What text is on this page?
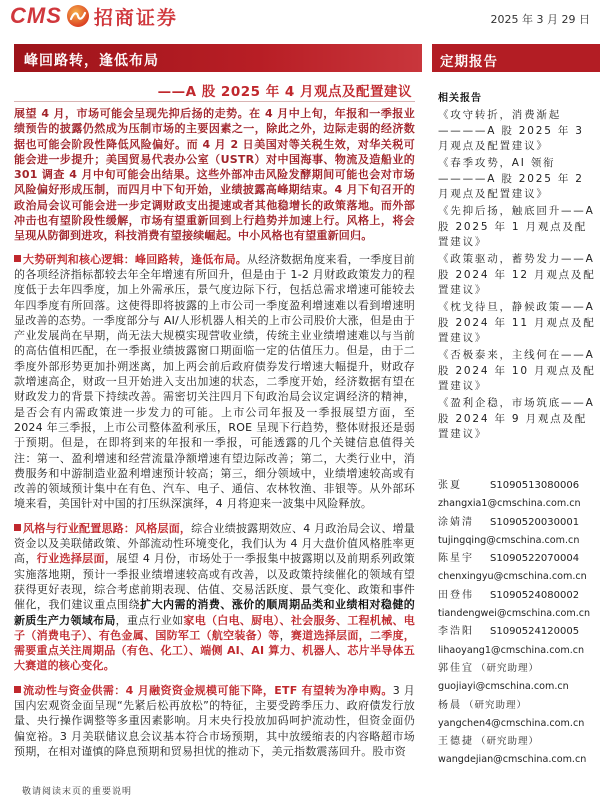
CMS 招商证券	2025 年 3 月 29 日
峰回路转，逢低布局	定期报告
——A 股 2025 年 4 月观点及配置建议

展望 4 月，市场可能会呈现先抑后扬的走势。在 4 月中上旬，年报和一季报业绩预告的披露仍然成为压制市场的主要因素之一，除此之外，边际走弱的经济数据也可能会阶段性降低风险偏好。而 4 月 2 日美国对等关税生效，对华关税可能会进一步提升；美国贸易代表办公室（USTR）对中国海事、物流及造船业的 301 调查 4 月中旬可能会出结果。这些外部冲击风险发酵期间可能也会对市场风险偏好形成压制，而四月中下旬开始，业绩披露高峰期结束。4 月下旬召开的政治局会议可能会进一步定调财政支出提速或者其他稳增长的政策落地。而外部冲击也有望阶段性缓解，市场有望重新回到上行趋势并加速上行。风格上，将会呈现从防御到进攻，科技消费有望接续崛起。中小风格也有望重新回归。

大势研判和核心逻辑：峰回路转，逢低布局。从经济数据角度来看，一季度目前的各项经济指标都较去年全年增速有所回升，但是由于 1-2 月财政政策发力的程度低于去年四季度，加上外需承压，景气度边际下行，包括总需求增速可能较去年四季度有所回落。这使得即将披露的上市公司一季度盈利增速难以看到增速明显改善的态势。一季度部分与 AI/人形机器人相关的上市公司股价大涨，但是由于产业发展尚在早期，尚无法大规模实现营收业绩，传统主业业绩增速难以与当前的高估值相匹配，在一季报业绩披露窗口期面临一定的估值压力。但是，由于二季度外部形势更加扑朔迷离，加上两会前后政府债券发行增速大幅提升，财政存款增速高企，财政一旦开始进入支出加速的状态，二季度开始，经济数据有望在财政发力的背景下持续改善。需密切关注四月下旬政治局会议定调经济的精神，是否会有内需政策进一步发力的可能。上市公司年报及一季报展望方面，至 2024 年三季报，上市公司整体盈利承压，ROE 呈现下行趋势，整体财报还是弱于预期。但是，在即将到来的年报和一季报，可能透露的几个关键信息值得关注：第一、盈利增速和经营流量净额增速有望边际改善；第二，大类行业中，消费服务和中游制造业盈利增速预计较高；第三，细分领域中，业绩增速较高或有改善的领域预计集中在有色、汽车、电子、通信、农林牧渔、非银等。从外部环境来看，美国针对中国的打压纵深演绎，4 月将迎来一波集中风险释放。

风格与行业配置思路：风格层面，综合业绩披露期效应、4 月政治局会议、增量资金以及美联储政策、外部流动性环境变化，我们认为 4 月大盘价值风格胜率更高，行业选择层面，展望 4 月份，市场处于一季报集中披露期以及前期系列政策实施落地期，预计一季报业绩增速较高或有改善，以及政策持续催化的领域有望获得更好表现，综合考虑前期表现、估值、交易活跃度、景气变化、政策和事件催化，我们建议重点围绕扩大内需的消费、涨价的顺周期品类和业绩相对稳健的新质生产力领域布局，重点行业如家电（白电、厨电）、社会服务、工程机械、电子（消费电子）、有色金属、国防军工（航空装备）等，赛道选择层面，二季度，需要重点关注周期品（有色、化工）、端侧 AI、AI 算力、机器人、芯片半导体五大赛道的核心变化。

流动性与资金供需：4 月融资资金规模可能下降，ETF 有望转为净申购。3 月国内宏观资金面呈现“先紧后松再放松”的特征，主要受跨季压力、政府债发行放量、央行操作调整等多重因素影响。月末央行投放加码呵护流动性，但资金面仍偏宽裕。3 月美联储议息会议基本符合市场预期，其中放缓缩表的内容略超市场预期，在相对谨慎的降息预期和贸易担忧的推动下，美元指数震荡回升。股市资

相关报告
《攻守转折，消费渐起————A 股 2025 年 3 月观点及配置建议》
《春季攻势，AI 领衔————A 股 2025 年 2 月观点及配置建议》
《先抑后扬，触底回升——A 股 2025 年 1 月观点及配置建议》
《政策驱动，蓄势发力——A 股 2024 年 12 月观点及配置建议》
《枕戈待旦，静候政策——A 股 2024 年 11 月观点及配置建议》
《否极泰来，主线何在——A 股 2024 年 10 月观点及配置建议》
《盈利企稳，市场筑底——A 股 2024 年 9 月观点及配置建议》
张夏	S1090513080006
zhangxia1@cmschina.com.cn
涂婧清	S1090520030001
tujingqing@cmschina.com.cn
陈星宇	S1090522070004
chenxingyu@cmschina.com.cn
田登伟	S1090524080002
tiandengwei@cmschina.com.cn
李浩阳	S1090524120005
lihaoyang1@cmschina.com.cn
郭佳宜 （研究助理）
guojiayi@cmschina.com.cn
杨晨 （研究助理）
yangchen4@cmschina.com.cn
王德捷 （研究助理）
wangdejian@cmschina.com.cn
敬请阅读末页的重要说明
